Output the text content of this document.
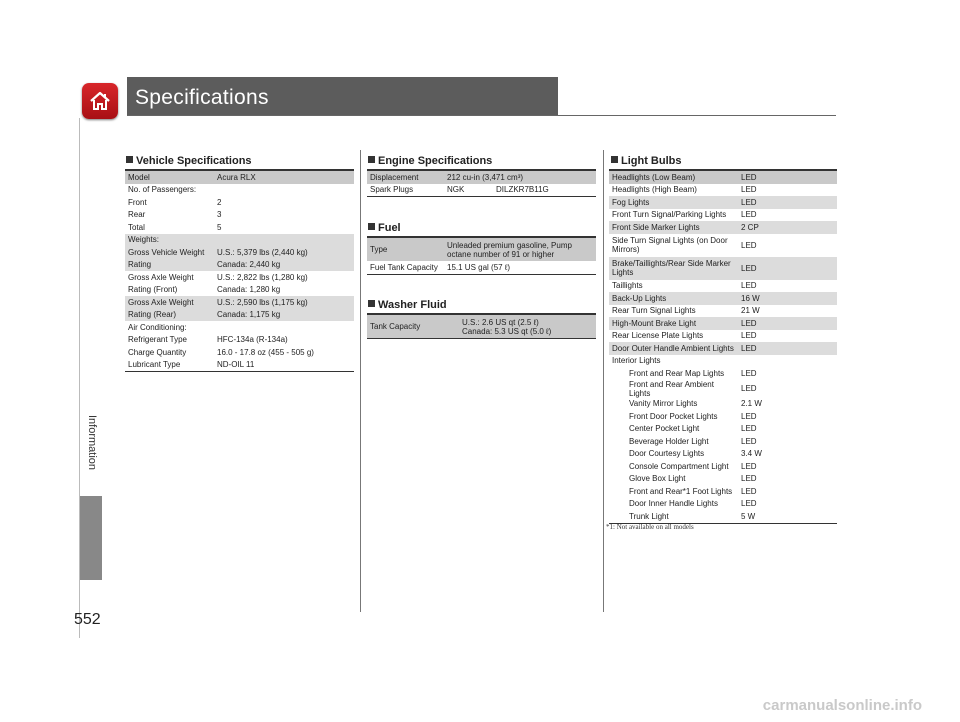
Specifications
Information
552
Vehicle Specifications
Model	Acura RLX
No. of Passengers:	
Front	2
Rear	3
Total	5
Weights:	
Gross Vehicle Weight	U.S.: 5,379 lbs (2,440 kg)
Rating	Canada: 2,440 kg
Gross Axle Weight	U.S.: 2,822 lbs (1,280 kg)
Rating (Front)	Canada: 1,280 kg
Gross Axle Weight	U.S.: 2,590 lbs (1,175 kg)
Rating (Rear)	Canada: 1,175 kg
Air Conditioning:	
Refrigerant Type	HFC-134a (R-134a)
Charge Quantity	16.0 - 17.8 oz (455 - 505 g)
Lubricant Type	ND-OIL 11
Engine Specifications
Displacement	212 cu-in (3,471 cm³)	
Spark Plugs	NGK	DILZKR7B11G
Fuel
Type	Unleaded premium gasoline, Pump octane number of 91 or higher
Fuel Tank Capacity	15.1 US gal (57 ℓ)
Washer Fluid
Tank Capacity	U.S.: 2.6 US qt (2.5 ℓ)
Canada: 5.3 US qt (5.0 ℓ)
Light Bulbs
Headlights (Low Beam)	LED
Headlights (High Beam)	LED
Fog Lights	LED
Front Turn Signal/Parking Lights	LED
Front Side Marker Lights	2 CP
Side Turn Signal Lights (on Door Mirrors)	LED
Brake/Taillights/Rear Side Marker Lights	LED
Taillights	LED
Back-Up Lights	16 W
Rear Turn Signal Lights	21 W
High-Mount Brake Light	LED
Rear License Plate Lights	LED
Door Outer Handle Ambient Lights	LED
Interior Lights	
Front and Rear Map Lights	LED
Front and Rear Ambient Lights	LED
Vanity Mirror Lights	2.1 W
Front Door Pocket Lights	LED
Center Pocket Light	LED
Beverage Holder Light	LED
Door Courtesy Lights	3.4 W
Console Compartment Light	LED
Glove Box Light	LED
Front and Rear*1 Foot Lights	LED
Door Inner Handle Lights	LED
Trunk Light	5 W
*1: Not available on all models
carmanualsonline.info
